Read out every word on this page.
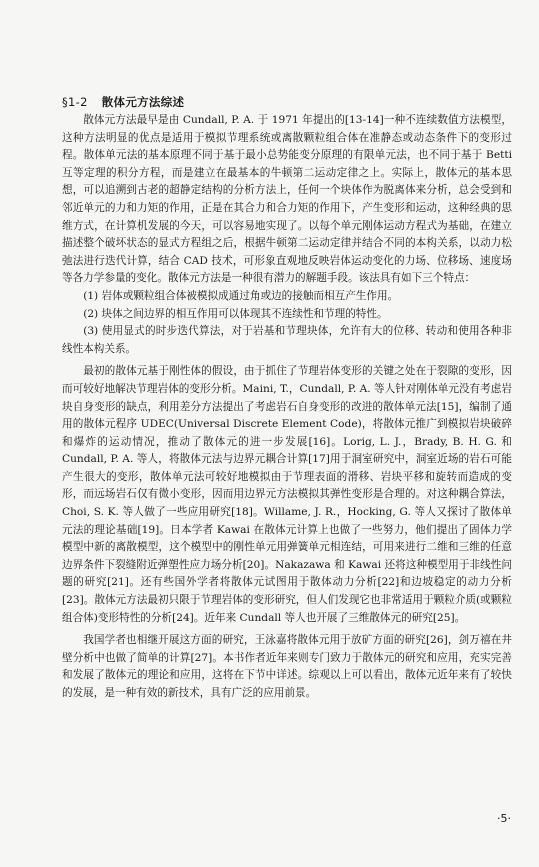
§1-2 散体元方法综述

散体元方法最早是由 Cundall, P. A. 于 1971 年提出的[13-14]一种不连续数值方法模型，这种方法明显的优点是适用于模拟节理系统或离散颗粒组合体在准静态或动态条件下的变形过程。散体单元法的基本原理不同于基于最小总势能变分原理的有限单元法，也不同于基于 Betti 互等定理的积分方程，而是建立在最基本的牛顿第二运动定律之上。实际上，散体元的基本思想，可以追溯到古老的超静定结构的分析方法上，任何一个块体作为脱离体来分析，总会受到和邻近单元的力和力矩的作用，正是在其合力和合力矩的作用下，产生变形和运动，这种经典的思维方式，在计算机发展的今天，可以容易地实现了。以每个单元刚体运动方程式为基础，在建立描述整个破坏状态的显式方程组之后，根据牛顿第二运动定律并结合不同的本构关系，以动力松弛法进行迭代计算，结合 CAD 技术，可形象直观地反映岩体运动变化的力场、位移场、速度场等各力学参量的变化。散体元方法是一种很有潜力的解题手段。该法具有如下三个特点：

(1) 岩体或颗粒组合体被模拟成通过角或边的接触而相互产生作用。

(2) 块体之间边界的相互作用可以体现其不连续性和节理的特性。

(3) 使用显式的时步迭代算法，对于岩基和节理块体，允许有大的位移、转动和使用各种非线性本构关系。

最初的散体元基于刚性体的假设，由于抓住了节理岩体变形的关键之处在于裂隙的变形，因而可较好地解决节理岩体的变形分析。Maini, T.，Cundall, P. A. 等人针对刚体单元没有考虑岩块自身变形的缺点，利用差分方法提出了考虑岩石自身变形的改进的散体单元法[15]，编制了通用的散体元程序 UDEC(Universal Discrete Element Code)，将散体元推广到模拟岩块破碎和爆炸的运动情况，推动了散体元的进一步发展[16]。Lorig, L. J.，Brady, B. H. G. 和 Cundall, P. A. 等人，将散体元法与边界元耦合计算[17]用于洞室研究中，洞室近场的岩石可能产生很大的变形，散体单元法可较好地模拟由于节理表面的滑移、岩块平移和旋转而造成的变形，而远场岩石仅有微小变形，因而用边界元方法模拟其弹性变形是合理的。对这种耦合算法，Choi, S. K. 等人做了一些应用研究[18]。Willame, J. R.，Hocking, G. 等人又探讨了散体单元法的理论基础[19]。日本学者 Kawai 在散体元计算上也做了一些努力，他们提出了固体力学模型中新的离散模型，这个模型中的刚性单元用弹簧单元相连结，可用来进行二维和三维的任意边界条件下裂缝附近弹塑性应力场分析[20]。Nakazawa 和 Kawai 还将这种模型用于非线性问题的研究[21]。还有些国外学者将散体元试图用于散体动力分析[22]和边坡稳定的动力分析[23]。散体元方法最初只限于节理岩体的变形研究，但人们发现它也非常适用于颗粒介质(或颗粒组合体)变形特性的分析[24]。近年来 Cundall 等人也开展了三维散体元的研究[25]。

我国学者也相继开展这方面的研究，王泳嘉将散体元用于放矿方面的研究[26]，剑万禧在井壁分析中也做了简单的计算[27]。本书作者近年来则专门致力于散体元的研究和应用，充实完善和发展了散体元的理论和应用，这将在下节中详述。综观以上可以看出，散体元近年来有了较快的发展，是一种有效的新技术，具有广泛的应用前景。

·5·
